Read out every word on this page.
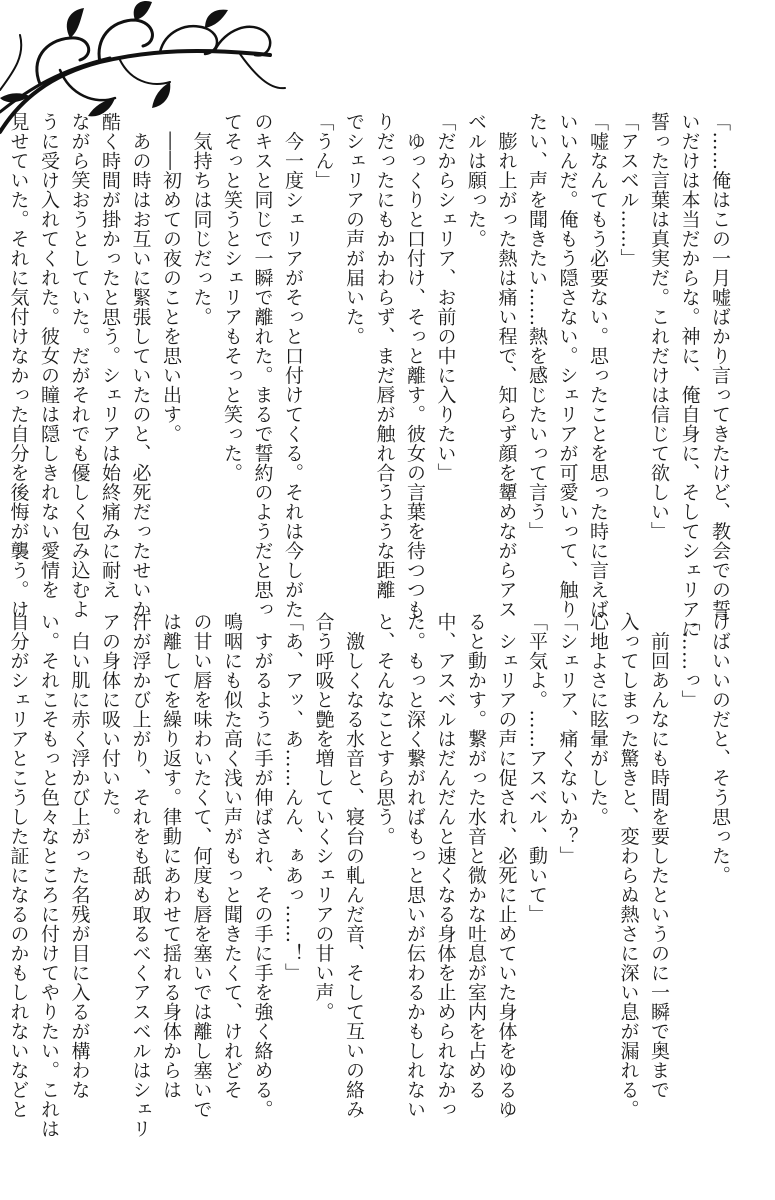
「……俺はこの一月嘘ばかり言ってきたけど、教会での誓

いだけは本当だからな。神に、俺自身に、そしてシェリアに

誓った言葉は真実だ。これだけは信じて欲しい」

「アスベル……」

「嘘なんてもう必要ない。思ったことを思った時に言えば

いいんだ。俺もう隠さない。シェリアが可愛いって、触り

たい、声を聞きたい……熱を感じたいって言う」

　膨れ上がった熱は痛い程で、知らず顔を顰めながらアス

ベルは願った。

「だからシェリア、お前の中に入りたい」

　ゆっくりと口付け、そっと離す。彼女の言葉を待つつも

りだったにもかかわらず、まだ唇が触れ合うような距離

でシェリアの声が届いた。

「うん」

　今一度シェリアがそっと口付けてくる。それは今しがた

のキスと同じで一瞬で離れた。まるで誓約のようだと思っ

てそっと笑うとシェリアもそっと笑った。

　気持ちは同じだった。

　――初めての夜のことを思い出す。

　あの時はお互いに緊張していたのと、必死だったせいか

酷く時間が掛かったと思う。シェリアは始終痛みに耐え

ながら笑おうとしていた。だがそれでも優しく包み込むよ

うに受け入れてくれた。彼女の瞳は隠しきれない愛情を

見せていた。それに気付けなかった自分を後悔が襲う。け

けばいいのだと、そう思った。

「……っ」

　前回あんなにも時間を要したというのに一瞬で奥まで

入ってしまった驚きと、変わらぬ熱さに深い息が漏れる。

心地よさに眩暈がした。

「シェリア、痛くないか？」

「平気よ。……アスベル、動いて」

　シェリアの声に促され、必死に止めていた身体をゆるゆ

ると動かす。繋がった水音と微かな吐息が室内を占める

中、アスベルはだんだんと速くなる身体を止められなかっ

た。もっと深く繋がればもっと思いが伝わるかもしれない

と、そんなことすら思う。

　激しくなる水音と、寝台の軋んだ音、そして互いの絡み

合う呼吸と艶を増していくシェリアの甘い声。

「あ、アッ、あ……んん、ぁあっ……！」

　すがるように手が伸ばされ、その手に手を強く絡める。

鳴咽にも似た高く浅い声がもっと聞きたくて、けれどそ

の甘い唇を味わいたくて、何度も唇を塞いでは離し塞いで

は離してを繰り返す。律動にあわせて揺れる身体からは

汗が浮かび上がり、それをも舐め取るべくアスベルはシェリ

アの身体に吸い付いた。

　白い肌に赤く浮かび上がった名残が目に入るが構わな

い。それこそもっと色々なところに付けてやりたい。これは

自分がシェリアとこうした証になるのかもしれないなどと
